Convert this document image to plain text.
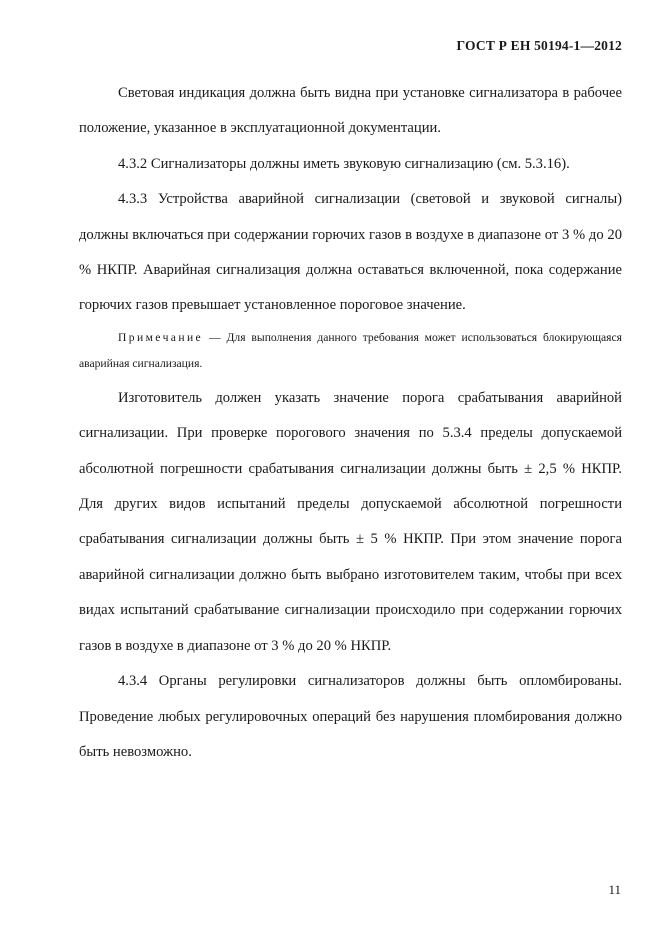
ГОСТ Р ЕН 50194-1—2012

Световая индикация должна быть видна при установке сигнализатора в рабочее положение, указанное в эксплуатационной документации.

4.3.2 Сигнализаторы должны иметь звуковую сигнализацию (см. 5.3.16).

4.3.3 Устройства аварийной сигнализации (световой и звуковой сигналы) должны включаться при содержании горючих газов в воздухе в диапазоне от 3 % до 20 % НКПР. Аварийная сигнализация должна оставаться включенной, пока содержание горючих газов превышает установленное пороговое значение.

Примечание — Для выполнения данного требования может использоваться блокирующаяся аварийная сигнализация.

Изготовитель должен указать значение порога срабатывания аварийной сигнализации. При проверке порогового значения по 5.3.4 пределы допускаемой абсолютной погрешности срабатывания сигнализации должны быть ± 2,5 % НКПР. Для других видов испытаний пределы допускаемой абсолютной погрешности срабатывания сигнализации должны быть ± 5 % НКПР. При этом значение порога аварийной сигнализации должно быть выбрано изготовителем таким, чтобы при всех видах испытаний срабатывание сигнализации происходило при содержании горючих газов в воздухе в диапазоне от 3 % до 20 % НКПР.

4.3.4 Органы регулировки сигнализаторов должны быть опломбированы. Проведение любых регулировочных операций без нарушения пломбирования должно быть невозможно.

11
